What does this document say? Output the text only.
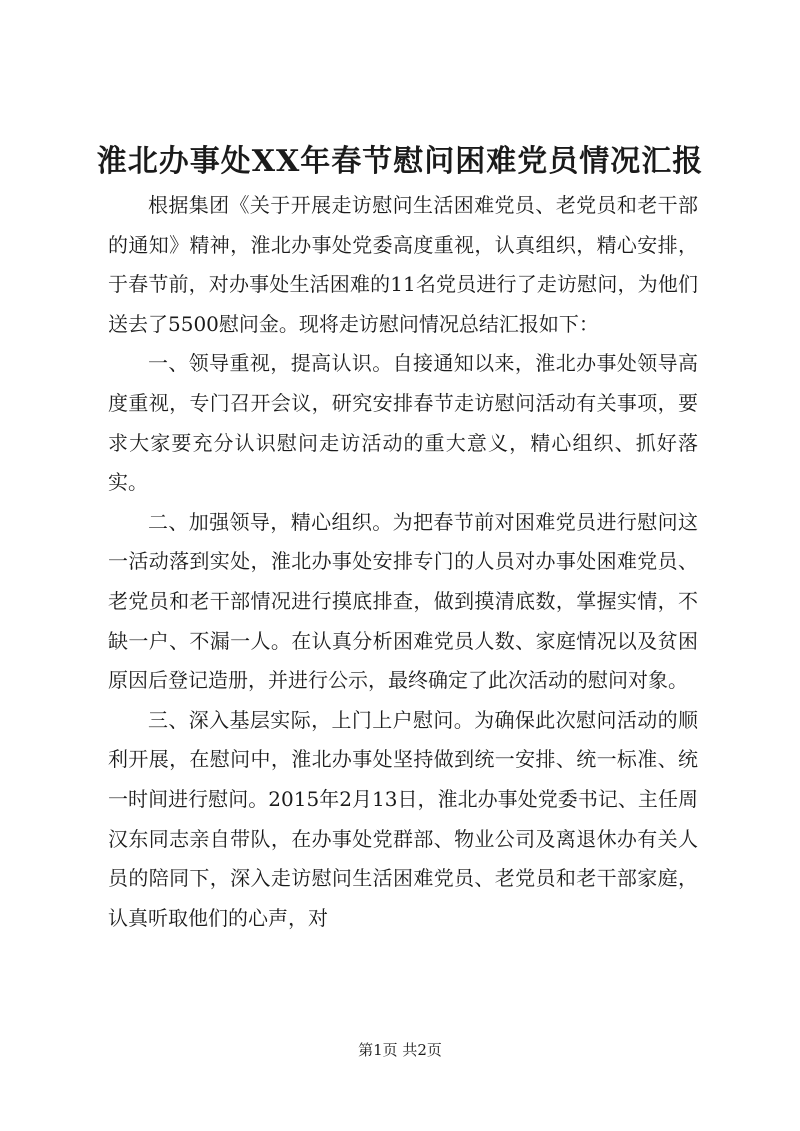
淮北办事处XX年春节慰问困难党员情况汇报

根据集团《关于开展走访慰问生活困难党员、老党员和老干部的通知》精神，淮北办事处党委高度重视，认真组织，精心安排，于春节前，对办事处生活困难的11名党员进行了走访慰问，为他们送去了5500慰问金。现将走访慰问情况总结汇报如下：

一、领导重视，提高认识。自接通知以来，淮北办事处领导高度重视，专门召开会议，研究安排春节走访慰问活动有关事项，要求大家要充分认识慰问走访活动的重大意义，精心组织、抓好落实。

二、加强领导，精心组织。为把春节前对困难党员进行慰问这一活动落到实处，淮北办事处安排专门的人员对办事处困难党员、老党员和老干部情况进行摸底排查，做到摸清底数，掌握实情，不缺一户、不漏一人。在认真分析困难党员人数、家庭情况以及贫困原因后登记造册，并进行公示，最终确定了此次活动的慰问对象。

三、深入基层实际，上门上户慰问。为确保此次慰问活动的顺利开展，在慰问中，淮北办事处坚持做到统一安排、统一标准、统一时间进行慰问。2015年2月13日，淮北办事处党委书记、主任周汉东同志亲自带队，在办事处党群部、物业公司及离退休办有关人员的陪同下，深入走访慰问生活困难党员、老党员和老干部家庭，认真听取他们的心声，对

第1页 共2页
